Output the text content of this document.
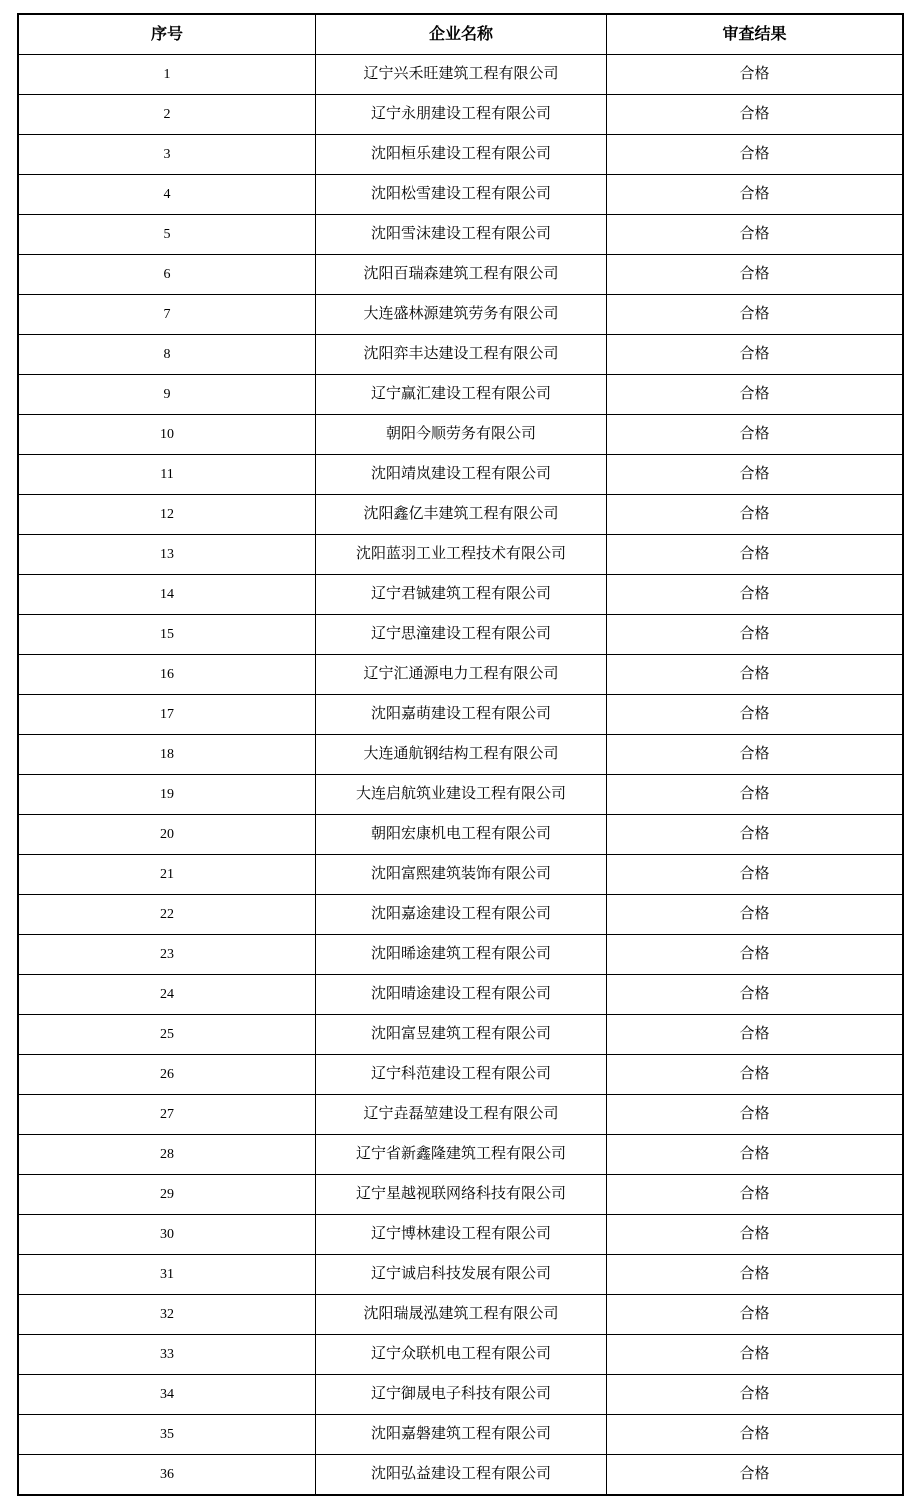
序号	企业名称	审查结果
1	辽宁兴禾旺建筑工程有限公司	合格
2	辽宁永朋建设工程有限公司	合格
3	沈阳桓乐建设工程有限公司	合格
4	沈阳松雪建设工程有限公司	合格
5	沈阳雪沫建设工程有限公司	合格
6	沈阳百瑞森建筑工程有限公司	合格
7	大连盛林源建筑劳务有限公司	合格
8	沈阳弈丰达建设工程有限公司	合格
9	辽宁赢汇建设工程有限公司	合格
10	朝阳今顺劳务有限公司	合格
11	沈阳靖岚建设工程有限公司	合格
12	沈阳鑫亿丰建筑工程有限公司	合格
13	沈阳蓝羽工业工程技术有限公司	合格
14	辽宁君铖建筑工程有限公司	合格
15	辽宁思潼建设工程有限公司	合格
16	辽宁汇通源电力工程有限公司	合格
17	沈阳嘉萌建设工程有限公司	合格
18	大连通航钢结构工程有限公司	合格
19	大连启航筑业建设工程有限公司	合格
20	朝阳宏康机电工程有限公司	合格
21	沈阳富熙建筑装饰有限公司	合格
22	沈阳嘉途建设工程有限公司	合格
23	沈阳晞途建筑工程有限公司	合格
24	沈阳晴途建设工程有限公司	合格
25	沈阳富昱建筑工程有限公司	合格
26	辽宁科范建设工程有限公司	合格
27	辽宁垚磊堃建设工程有限公司	合格
28	辽宁省新鑫隆建筑工程有限公司	合格
29	辽宁星越视联网络科技有限公司	合格
30	辽宁博林建设工程有限公司	合格
31	辽宁诚启科技发展有限公司	合格
32	沈阳瑞晟泓建筑工程有限公司	合格
33	辽宁众联机电工程有限公司	合格
34	辽宁御晟电子科技有限公司	合格
35	沈阳嘉磐建筑工程有限公司	合格
36	沈阳弘益建设工程有限公司	合格
